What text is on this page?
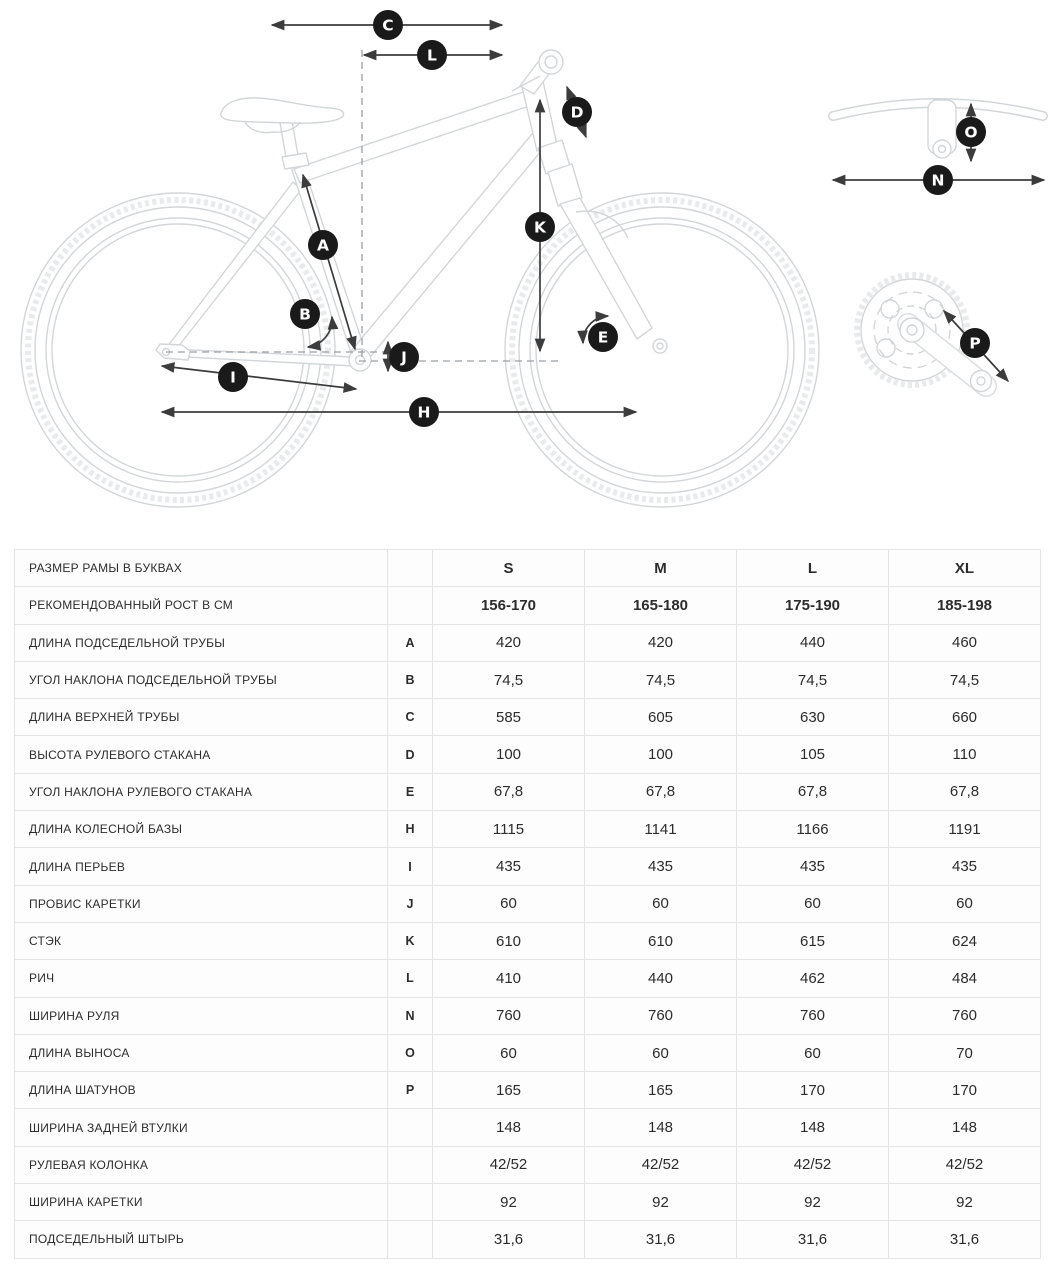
C
L
D
O
N
K
A
B
E	P
J
I
H
РАЗМЕР РАМЫ В БУКВАХ		S	M	L	XL
РЕКОМЕНДОВАННЫЙ РОСТ В СМ		156-170	165-180	175-190	185-198
ДЛИНА ПОДСЕДЕЛЬНОЙ ТРУБЫ	A	420	420	440	460
УГОЛ НАКЛОНА ПОДСЕДЕЛЬНОЙ ТРУБЫ	B	74,5	74,5	74,5	74,5
ДЛИНА ВЕРХНЕЙ ТРУБЫ	C	585	605	630	660
ВЫСОТА РУЛЕВОГО СТАКАНА	D	100	100	105	110
УГОЛ НАКЛОНА РУЛЕВОГО СТАКАНА	E	67,8	67,8	67,8	67,8
ДЛИНА КОЛЕСНОЙ БАЗЫ	H	1115	1141	1166	1191
ДЛИНА ПЕРЬЕВ	I	435	435	435	435
ПРОВИС КАРЕТКИ	J	60	60	60	60
СТЭК	K	610	610	615	624
РИЧ	L	410	440	462	484
ШИРИНА РУЛЯ	N	760	760	760	760
ДЛИНА ВЫНОСА	O	60	60	60	70
ДЛИНА ШАТУНОВ	P	165	165	170	170
ШИРИНА ЗАДНЕЙ ВТУЛКИ		148	148	148	148
РУЛЕВАЯ КОЛОНКА		42/52	42/52	42/52	42/52
ШИРИНА КАРЕТКИ		92	92	92	92
ПОДСЕДЕЛЬНЫЙ ШТЫРЬ		31,6	31,6	31,6	31,6
